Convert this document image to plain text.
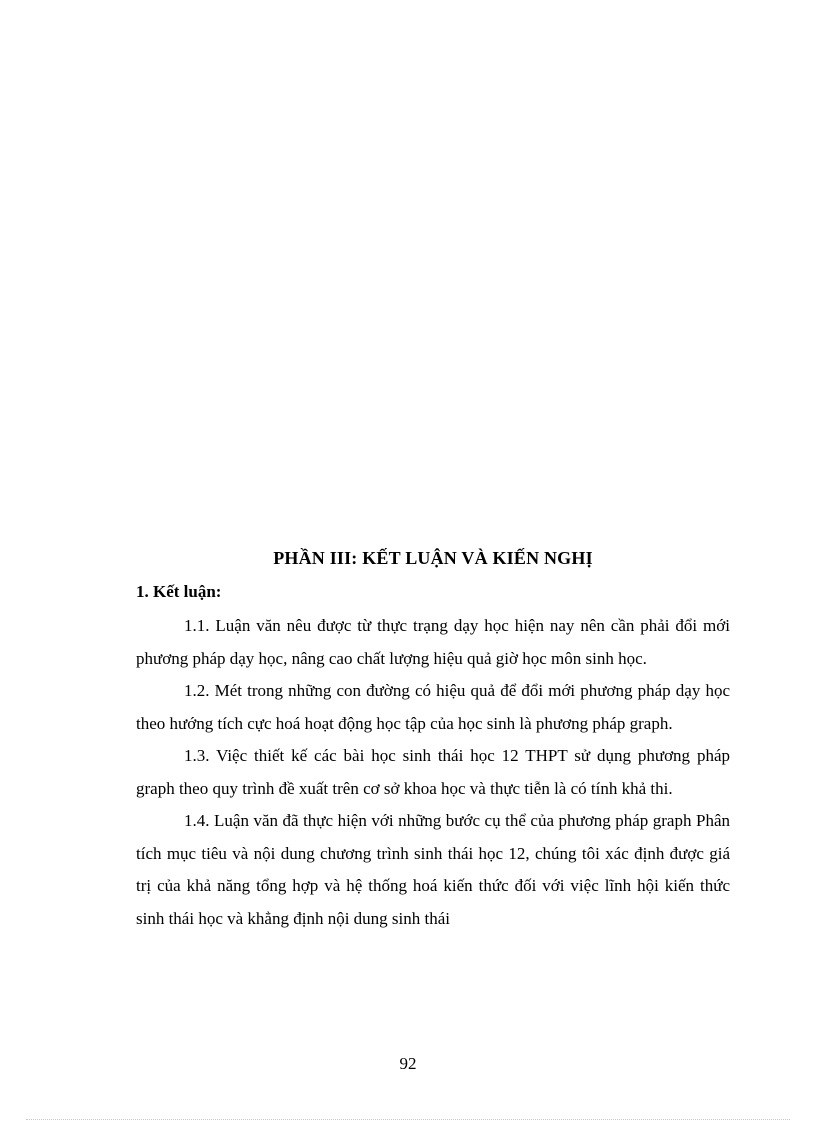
PHẦN III: KẾT LUẬN VÀ KIẾN NGHỊ
1. Kết luận:

1.1. Luận văn nêu được từ thực trạng dạy học hiện nay nên cần phải đổi mới phương pháp dạy học, nâng cao chất lượng hiệu quả giờ học môn sinh học.

1.2. Mét trong những con đường có hiệu quả để đổi mới phương pháp dạy học theo hướng tích cực hoá hoạt động học tập của học sinh là phương pháp graph.

1.3. Việc thiết kế các bài học sinh thái học 12 THPT sử dụng phương pháp graph theo quy trình đề xuất trên cơ sở khoa học và thực tiễn là có tính khả thi.

1.4. Luận văn đã thực hiện với những bước cụ thể của phương pháp graph Phân tích mục tiêu và nội dung chương trình sinh thái học 12, chúng tôi xác định được giá trị của khả năng tổng hợp và hệ thống hoá kiến thức đối với việc lĩnh hội kiến thức sinh thái học và khẳng định nội dung sinh thái

92
